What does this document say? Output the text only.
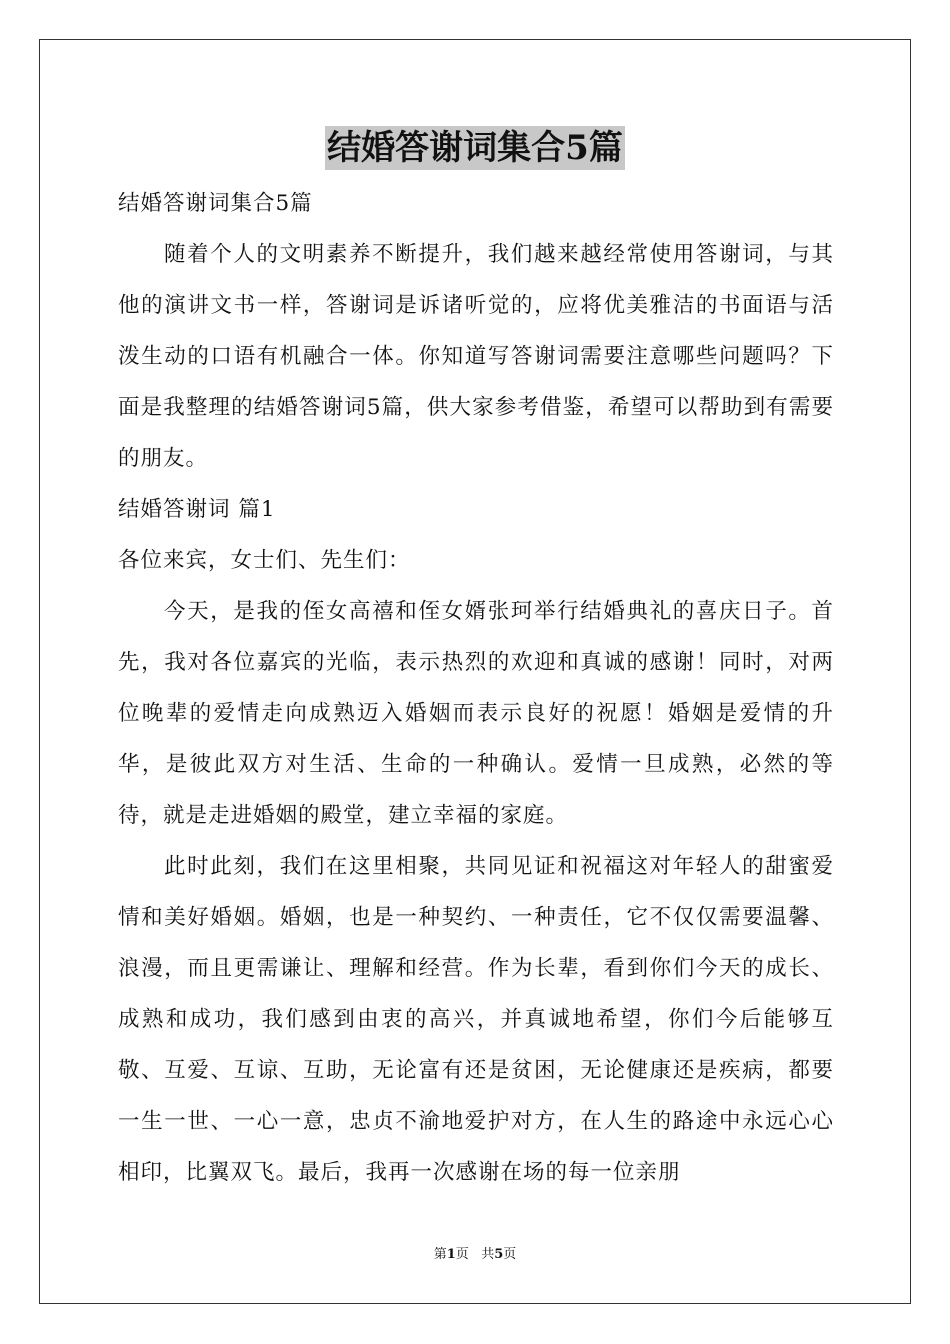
结婚答谢词集合5篇

结婚答谢词集合5篇

随着个人的文明素养不断提升，我们越来越经常使用答谢词，与其他的演讲文书一样，答谢词是诉诸听觉的，应将优美雅洁的书面语与活泼生动的口语有机融合一体。你知道写答谢词需要注意哪些问题吗？下面是我整理的结婚答谢词5篇，供大家参考借鉴，希望可以帮助到有需要的朋友。

结婚答谢词 篇1

各位来宾，女士们、先生们：

今天，是我的侄女高禧和侄女婿张珂举行结婚典礼的喜庆日子。首先，我对各位嘉宾的光临，表示热烈的欢迎和真诚的感谢！同时，对两位晚辈的爱情走向成熟迈入婚姻而表示良好的祝愿！婚姻是爱情的升华，是彼此双方对生活、生命的一种确认。爱情一旦成熟，必然的等待，就是走进婚姻的殿堂，建立幸福的家庭。

此时此刻，我们在这里相聚，共同见证和祝福这对年轻人的甜蜜爱情和美好婚姻。婚姻，也是一种契约、一种责任，它不仅仅需要温馨、浪漫，而且更需谦让、理解和经营。作为长辈，看到你们今天的成长、成熟和成功，我们感到由衷的高兴，并真诚地希望，你们今后能够互敬、互爱、互谅、互助，无论富有还是贫困，无论健康还是疾病，都要一生一世、一心一意，忠贞不渝地爱护对方，在人生的路途中永远心心相印，比翼双飞。最后，我再一次感谢在场的每一位亲朋

第1页 共5页
